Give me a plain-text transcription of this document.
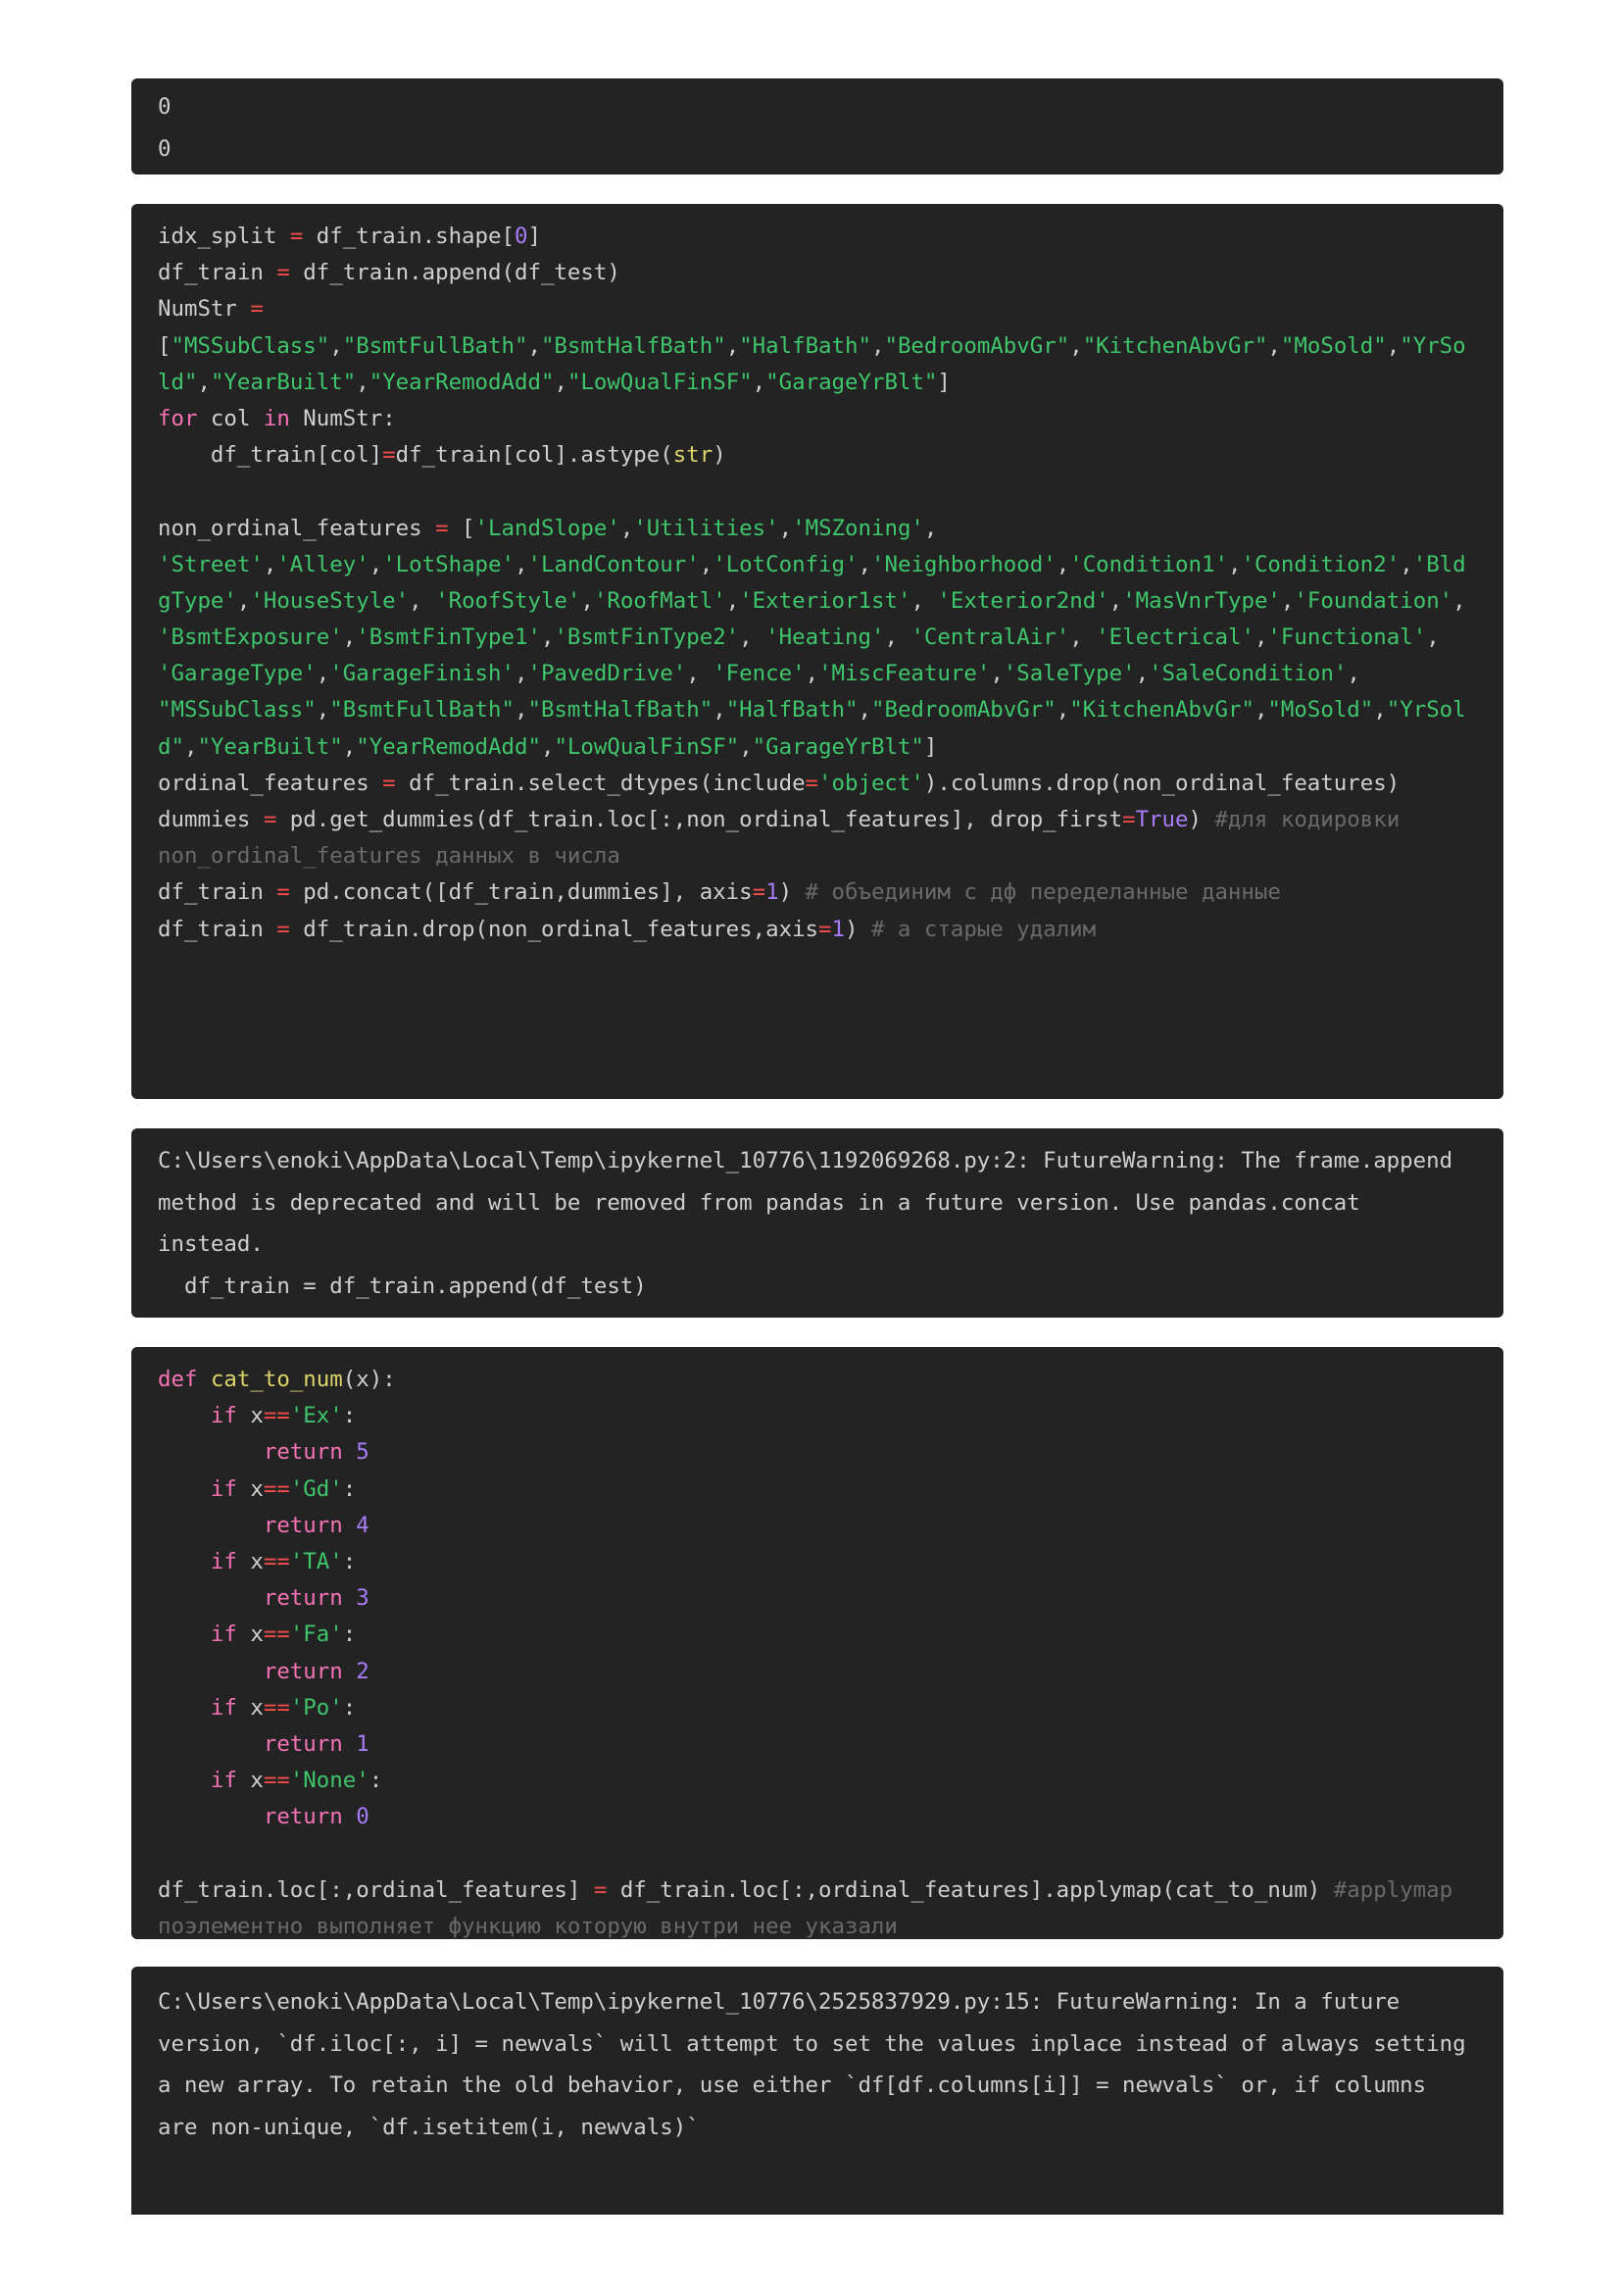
0
0
idx_split = df_train.shape[0]
df_train = df_train.append(df_test)
NumStr =
["MSSubClass","BsmtFullBath","BsmtHalfBath","HalfBath","BedroomAbvGr","KitchenAbvGr","MoSold","YrSo
ld","YearBuilt","YearRemodAdd","LowQualFinSF","GarageYrBlt"]
for col in NumStr:
df_train[col]=df_train[col].astype(str)
non_ordinal_features = ['LandSlope','Utilities','MSZoning',
'Street','Alley','LotShape','LandContour','LotConfig','Neighborhood','Condition1','Condition2','Bld
gType','HouseStyle', 'RoofStyle','RoofMatl','Exterior1st', 'Exterior2nd','MasVnrType','Foundation',
'BsmtExposure','BsmtFinType1','BsmtFinType2', 'Heating', 'CentralAir', 'Electrical','Functional',
'GarageType','GarageFinish','PavedDrive', 'Fence','MiscFeature','SaleType','SaleCondition',
"MSSubClass","BsmtFullBath","BsmtHalfBath","HalfBath","BedroomAbvGr","KitchenAbvGr","MoSold","YrSol
d","YearBuilt","YearRemodAdd","LowQualFinSF","GarageYrBlt"]
ordinal_features = df_train.select_dtypes(include='object').columns.drop(non_ordinal_features)
dummies = pd.get_dummies(df_train.loc[:,non_ordinal_features], drop_first=True) #для кодировки
non_ordinal_features данных в числа
df_train = pd.concat([df_train,dummies], axis=1) # объединим с дф переделанные данные
df_train = df_train.drop(non_ordinal_features,axis=1) # а старые удалим
C:\Users\enoki\AppData\Local\Temp\ipykernel_10776\1192069268.py:2: FutureWarning: The frame.append
method is deprecated and will be removed from pandas in a future version. Use pandas.concat
instead.
df_train = df_train.append(df_test)
def cat_to_num(x):
if x=='Ex':
return 5
if x=='Gd':
return 4
if x=='TA':
return 3
if x=='Fa':
return 2
if x=='Po':
return 1
if x=='None':
return 0
df_train.loc[:,ordinal_features] = df_train.loc[:,ordinal_features].applymap(cat_to_num) #applymap
поэлементно выполняет функцию которую внутри нее указали
C:\Users\enoki\AppData\Local\Temp\ipykernel_10776\2525837929.py:15: FutureWarning: In a future
version, `df.iloc[:, i] = newvals` will attempt to set the values inplace instead of always setting
a new array. To retain the old behavior, use either `df[df.columns[i]] = newvals` or, if columns
are non-unique, `df.isetitem(i, newvals)`
